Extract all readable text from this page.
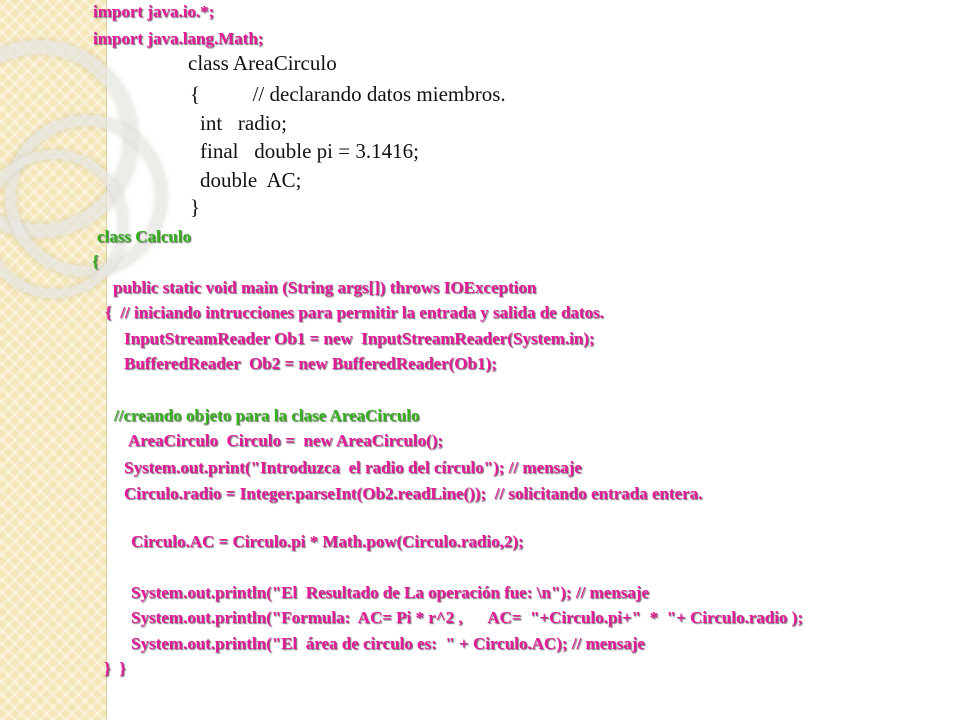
import java.io.*;
import java.lang.Math;
class AreaCirculo
{          // declarando datos miembros.
int   radio;
final   double pi = 3.1416;
double  AC;
}
class Calculo
{
public static void main (String args[]) throws IOException
{  // iniciando intrucciones para permitir la entrada y salida de datos.
InputStreamReader Ob1 = new  InputStreamReader(System.in);
BufferedReader  Ob2 = new BufferedReader(Ob1);
//creando objeto para la clase AreaCirculo
AreaCirculo  Circulo =  new AreaCirculo();
System.out.print("Introduzca  el radio del círculo"); // mensaje
Circulo.radio = Integer.parseInt(Ob2.readLine());  // solicitando entrada entera.
Circulo.AC = Circulo.pi * Math.pow(Circulo.radio,2);
System.out.println("El  Resultado de La operación fue: \n"); // mensaje
System.out.println("Formula:  AC= Pi * r^2 ,      AC=  "+Circulo.pi+"  *  "+ Circulo.radio );
System.out.println("El  área de circulo es:  " + Circulo.AC); // mensaje
}  }
